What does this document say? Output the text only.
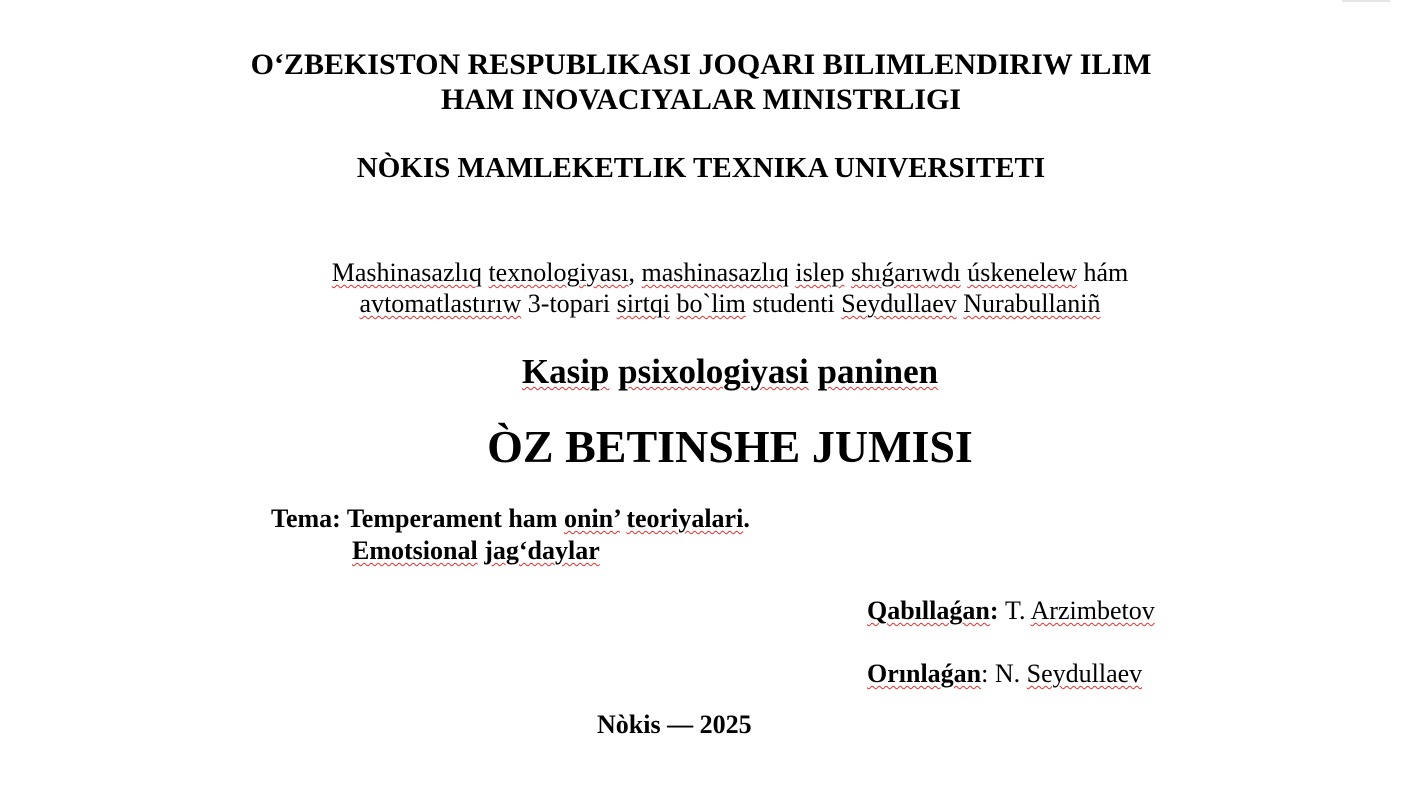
O‘ZBEKISTON RESPUBLIKASI JOQARI BILIMLENDIRIW ILIM
HAM INOVACIYALAR MINISTRLIGI
NÒKIS MAMLEKETLIK TEXNIKA UNIVERSITETI
Mashinasazlıq texnologiyası, mashinasazlıq islep shıǵarıwdı úskenelew hám
avtomatlastırıw 3-topari sirtqi bo`lim studenti Seydullaev Nurabullaniñ
Kasip psixologiyasi paninen
ÒZ BETINSHE JUMISI
Tema: Temperament ham onin’ teoriyalari.
Emotsional jag‘daylar
Qabıllaǵan: T. Arzimbetov
Orınlaǵan: N. Seydullaev
Nòkis — 2025
